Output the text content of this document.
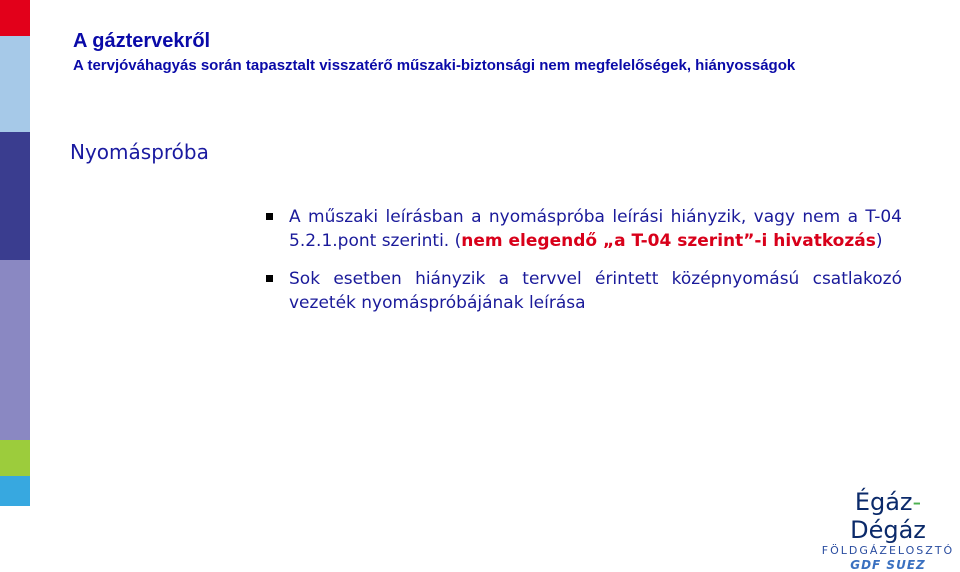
A gáztervekről
A tervjóváhagyás során tapasztalt visszatérő műszaki-biztonsági nem megfelelőségek, hiányosságok
Nyomáspróba
A műszaki leírásban a nyomáspróba leírási hiányzik, vagy nem a T-04 5.2.1.pont szerinti. (nem elegendő „a T-04 szerint”-i hivatkozás)
Sok esetben hiányzik a tervvel érintett középnyomású csatlakozó vezeték nyomáspróbájának leírása
Égáz-Dégáz
FÖLDGÁZELOSZTÓ
GDF SUEZ
